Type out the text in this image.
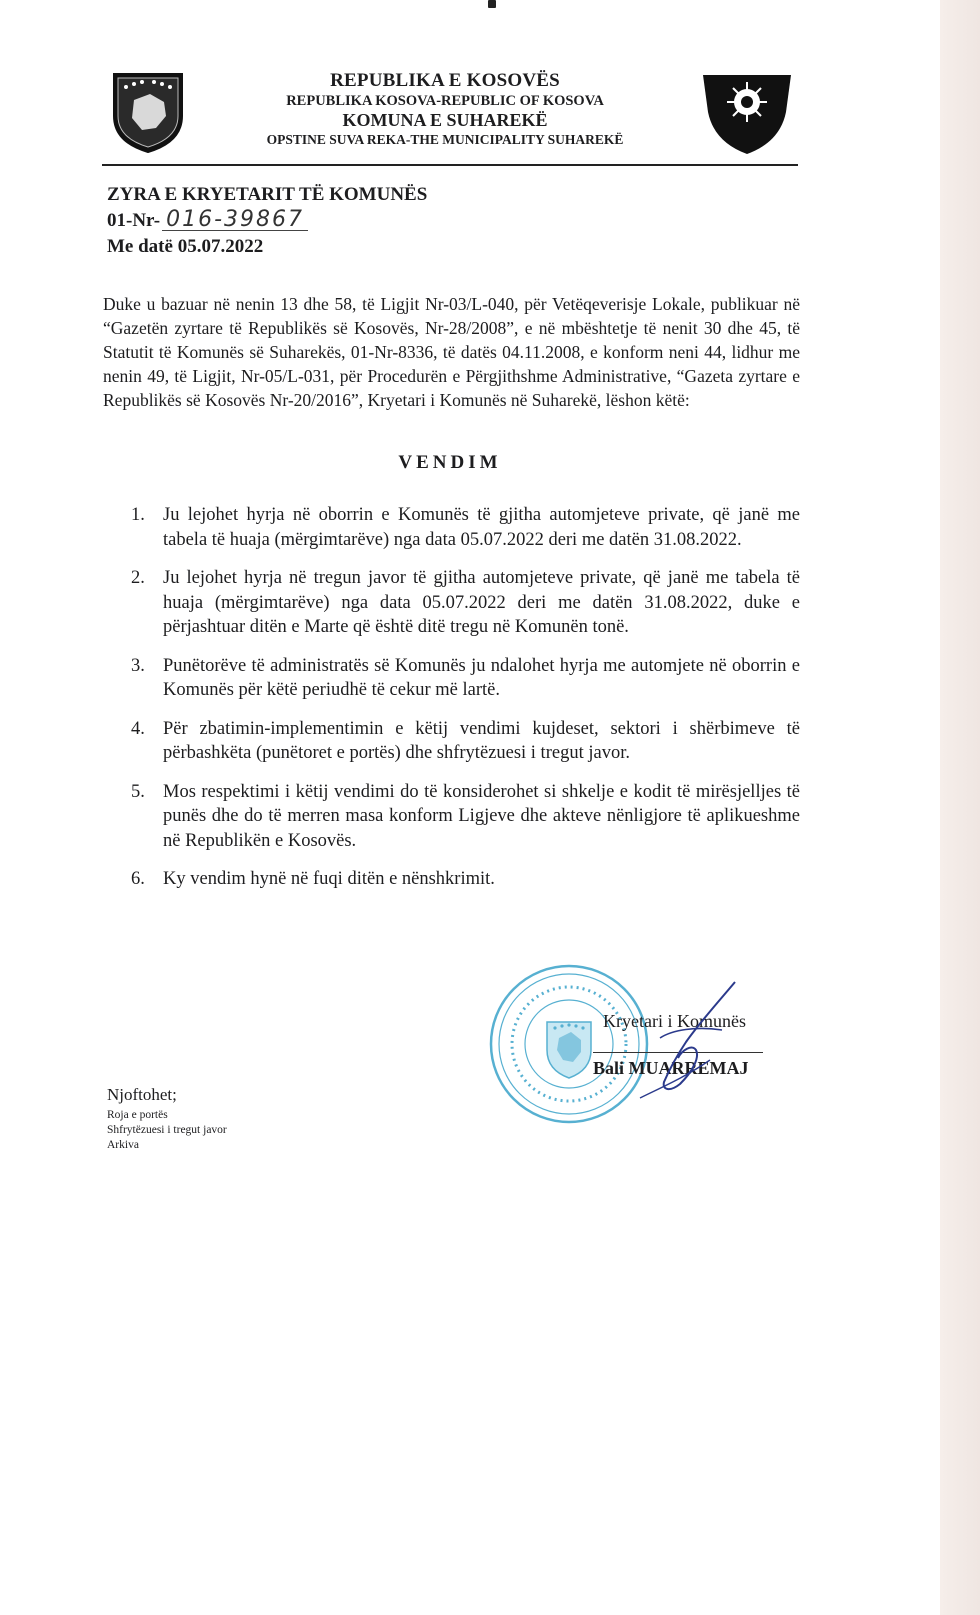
REPUBLIKA E KOSOVËS
REPUBLIKA KOSOVA-REPUBLIC OF KOSOVA
KOMUNA E SUHAREKË
OPSTINE SUVA REKA-THE MUNICIPALITY SUHAREKË
ZYRA E KRYETARIT TË KOMUNËS
01-Nr- 016-39867
Me datë 05.07.2022
Duke u bazuar në nenin 13 dhe 58, të Ligjit Nr-03/L-040, për Vetëqeverisje Lokale, publikuar në “Gazetën zyrtare të Republikës së Kosovës, Nr-28/2008”, e në mbështetje të nenit 30 dhe 45, të Statutit të Komunës së Suharekës, 01-Nr-8336, të datës 04.11.2008, e konform neni 44, lidhur me nenin 49, të Ligjit, Nr-05/L-031, për Procedurën e Përgjithshme Administrative, “Gazeta zyrtare e Republikës së Kosovës Nr-20/2016”, Kryetari i Komunës në Suharekë, lëshon këtë:
VENDIM
1. Ju lejohet hyrja në oborrin e Komunës të gjitha automjeteve private, që janë me tabela të huaja (mërgimtarëve) nga data 05.07.2022 deri me datën 31.08.2022.
2. Ju lejohet hyrja në tregun javor të gjitha automjeteve private, që janë me tabela të huaja (mërgimtarëve) nga data 05.07.2022 deri me datën 31.08.2022, duke e përjashtuar ditën e Marte që është ditë tregu në Komunën tonë.
3. Punëtorëve të administratës së Komunës ju ndalohet hyrja me automjete në oborrin e Komunës për këtë periudhë të cekur më lartë.
4. Për zbatimin-implementimin e këtij vendimi kujdeset, sektori i shërbimeve të përbashkëta (punëtoret e portës) dhe shfrytëzuesi i tregut javor.
5. Mos respektimi i këtij vendimi do të konsiderohet si shkelje e kodit të mirësjelljes të punës dhe do të merren masa konform Ligjeve dhe akteve nënligjore të aplikueshme në Republikën e Kosovës.
6. Ky vendim hynë në fuqi ditën e nënshkrimit.
Kryetari i Komunës
Bali MUARREMAJ
Njoftohet;
Roja e portës
Shfrytëzuesi i tregut javor
Arkiva
